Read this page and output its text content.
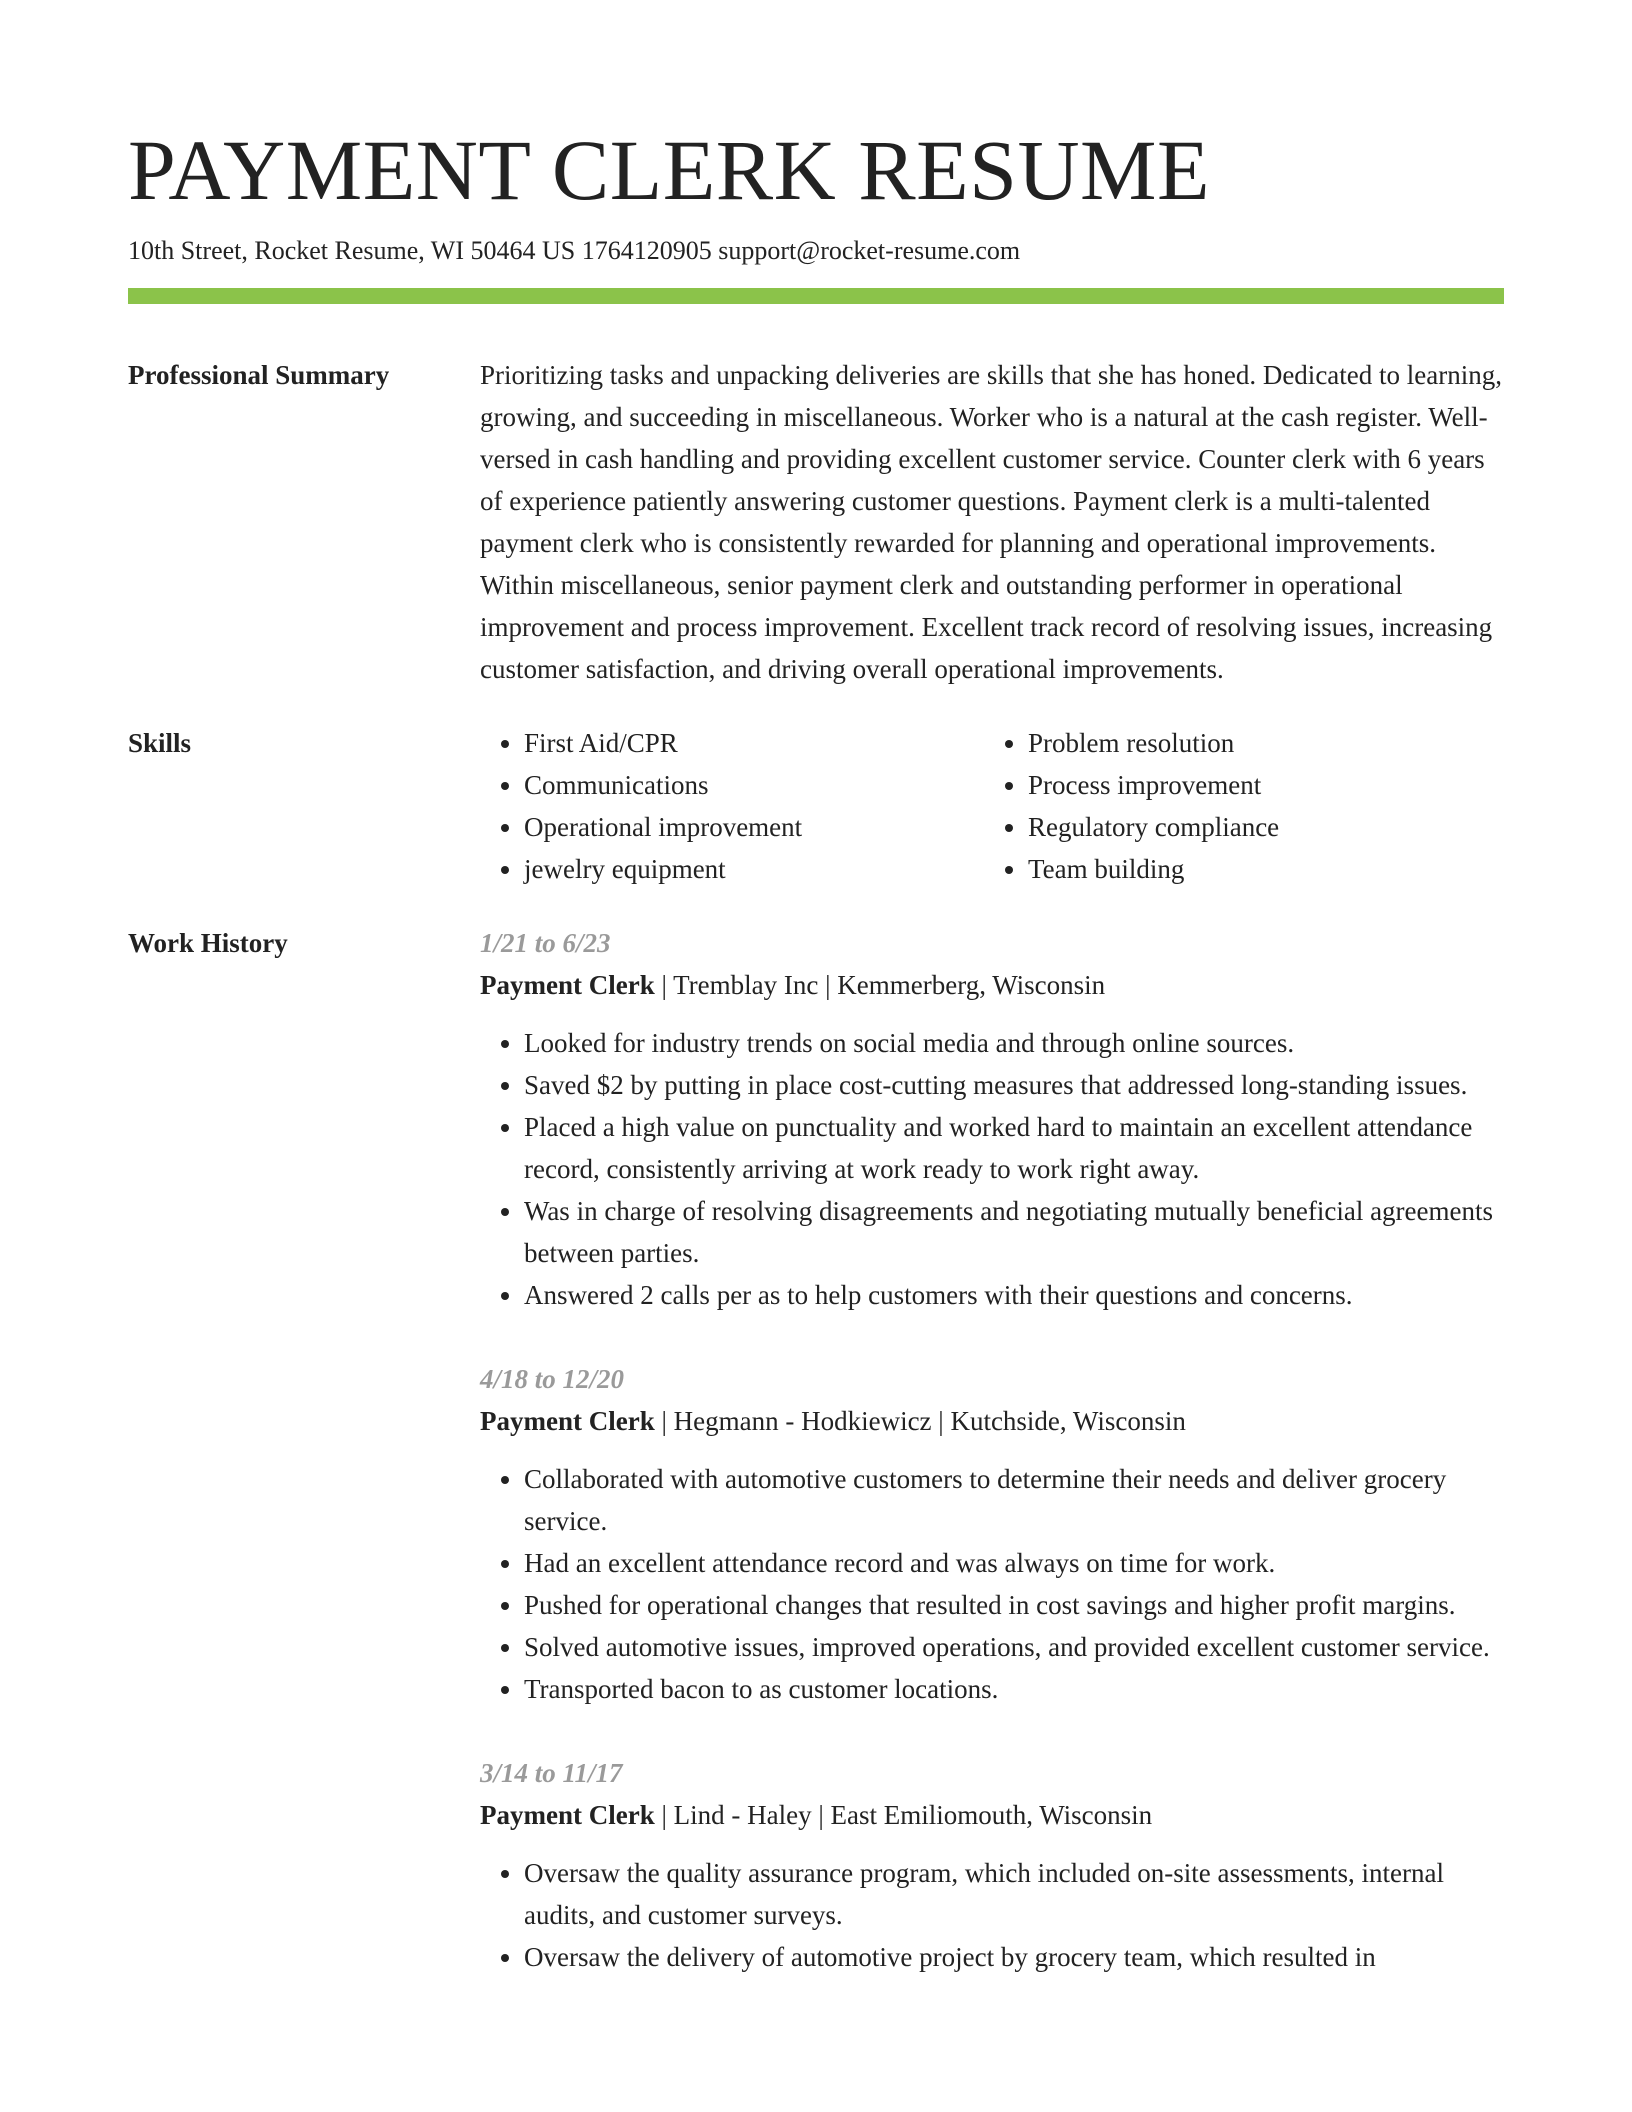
PAYMENT CLERK RESUME
10th Street, Rocket Resume, WI 50464 US 1764120905 support@rocket-resume.com
Professional Summary	Prioritizing tasks and unpacking deliveries are skills that she has honed. Dedicated to learning, growing, and succeeding in miscellaneous. Worker who is a natural at the cash register. Well-versed in cash handling and providing excellent customer service. Counter clerk with 6 years of experience patiently answering customer questions. Payment clerk is a multi-talented payment clerk who is consistently rewarded for planning and operational improvements. Within miscellaneous, senior payment clerk and outstanding performer in operational improvement and process improvement. Excellent track record of resolving issues, increasing customer satisfaction, and driving overall operational improvements.

Skills
•	First Aid/CPR
• Communications
• Operational improvement
• jewelry equipment
• Problem resolution
• Process improvement
• Regulatory compliance
• Team building
Work History	1/21 to 6/23
Payment Clerk | Tremblay Inc | Kemmerberg, Wisconsin
• Looked for industry trends on social media and through online sources.
• Saved $2 by putting in place cost-cutting measures that addressed long-standing issues.
• Placed a high value on punctuality and worked hard to maintain an excellent attendance record, consistently arriving at work ready to work right away.
• Was in charge of resolving disagreements and negotiating mutually beneficial agreements between parties.
• Answered 2 calls per as to help customers with their questions and concerns.
4/18 to 12/20
Payment Clerk | Hegmann - Hodkiewicz | Kutchside, Wisconsin
• Collaborated with automotive customers to determine their needs and deliver grocery service.
• Had an excellent attendance record and was always on time for work.
• Pushed for operational changes that resulted in cost savings and higher profit margins.
• Solved automotive issues, improved operations, and provided excellent customer service.
• Transported bacon to as customer locations.
3/14 to 11/17
Payment Clerk | Lind - Haley | East Emiliomouth, Wisconsin
• Oversaw the quality assurance program, which included on-site assessments, internal audits, and customer surveys.
• Oversaw the delivery of automotive project by grocery team, which resulted in
